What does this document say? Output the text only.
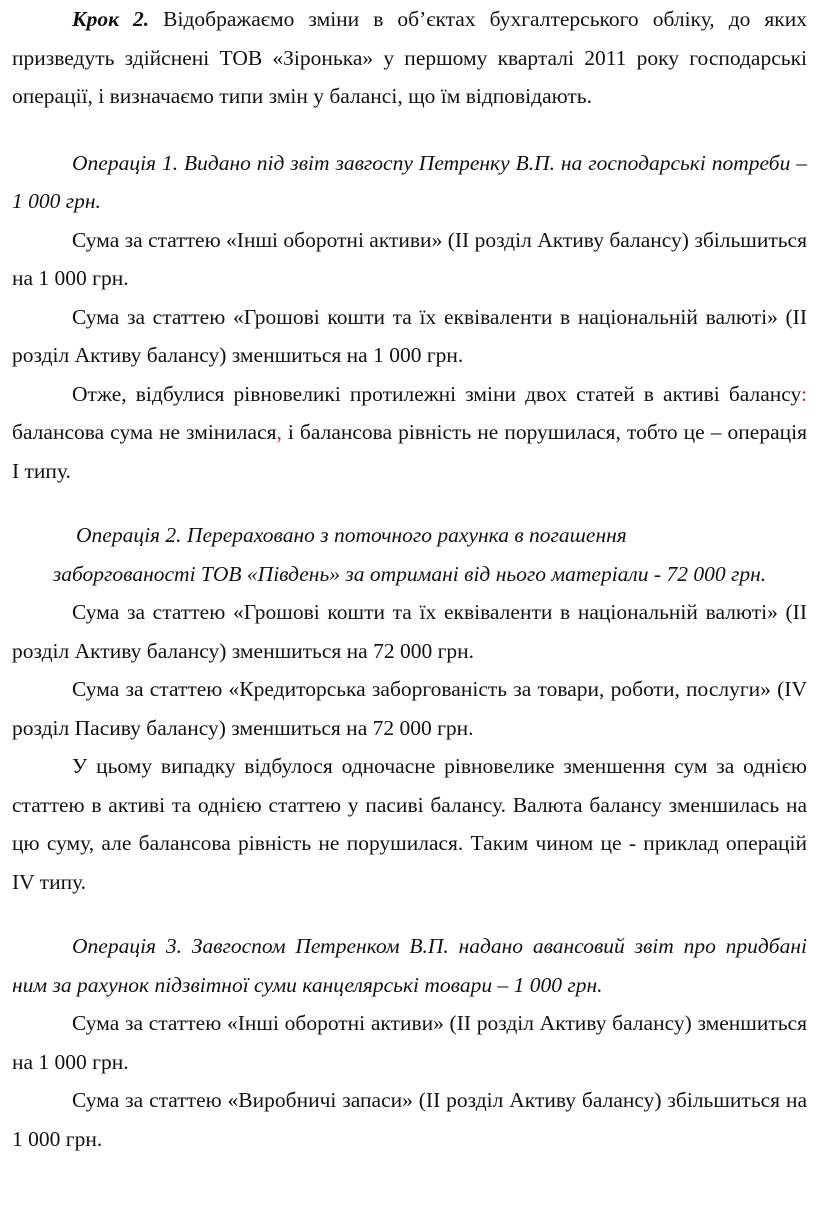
Крок 2. Відображаємо зміни в об’єктах бухгалтерського обліку, до яких призведуть здійснені ТОВ «Зіронька» у першому кварталі 2011 року господарські операції, і визначаємо типи змін у балансі, що їм відповідають.

Операція 1. Видано під звіт завгоспу Петренку В.П. на господарські потреби – 1 000 грн.

Сума за статтею «Інші оборотні активи» (II розділ Активу балансу) збільшиться на 1 000 грн.

Сума за статтею «Грошові кошти та їх еквіваленти в національній валюті» (II розділ Активу балансу) зменшиться на 1 000 грн.

Отже, відбулися рівновеликі протилежні зміни двох статей в активі балансу: балансова сума не змінилася, і балансова рівність не порушилася, тобто це – операція I типу.

Операція 2. Перераховано з поточного рахунка в погашення

заборгованості ТОВ «Південь» за отримані від нього матеріали - 72 000 грн.

Сума за статтею «Грошові кошти та їх еквіваленти в національній валюті» (II розділ Активу балансу) зменшиться на 72 000 грн.

Сума за статтею «Кредиторська заборгованість за товари, роботи, послуги» (IV розділ Пасиву балансу) зменшиться на 72 000 грн.

У цьому випадку відбулося одночасне рівновелике зменшення сум за однією статтею в активі та однією статтею у пасиві балансу. Валюта балансу зменшилась на цю суму, але балансова рівність не порушилася. Таким чином це - приклад операцій IV типу.

Операція 3. Завгоспом Петренком В.П. надано авансовий звіт про придбані ним за рахунок підзвітної суми канцелярські товари – 1 000 грн.

Сума за статтею «Інші оборотні активи» (II розділ Активу балансу) зменшиться на 1 000 грн.

Сума за статтею «Виробничі запаси» (II розділ Активу балансу) збільшиться на 1 000 грн.
